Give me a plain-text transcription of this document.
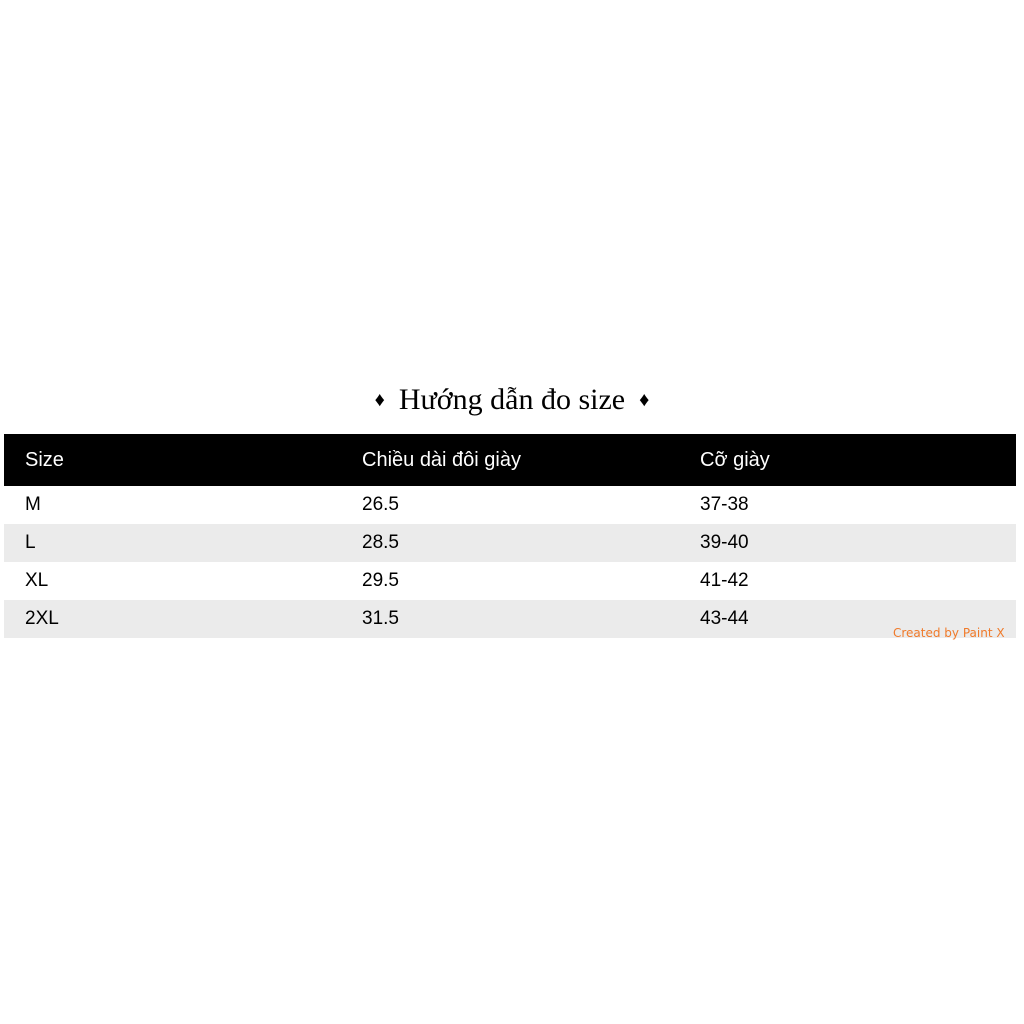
♦ Hướng dẫn đo size ♦
Size	Chiều dài đôi giày	Cỡ giày
M	26.5	37-38
L	28.5	39-40
XL	29.5	41-42
2XL	31.5	43-44
Created by Paint X
